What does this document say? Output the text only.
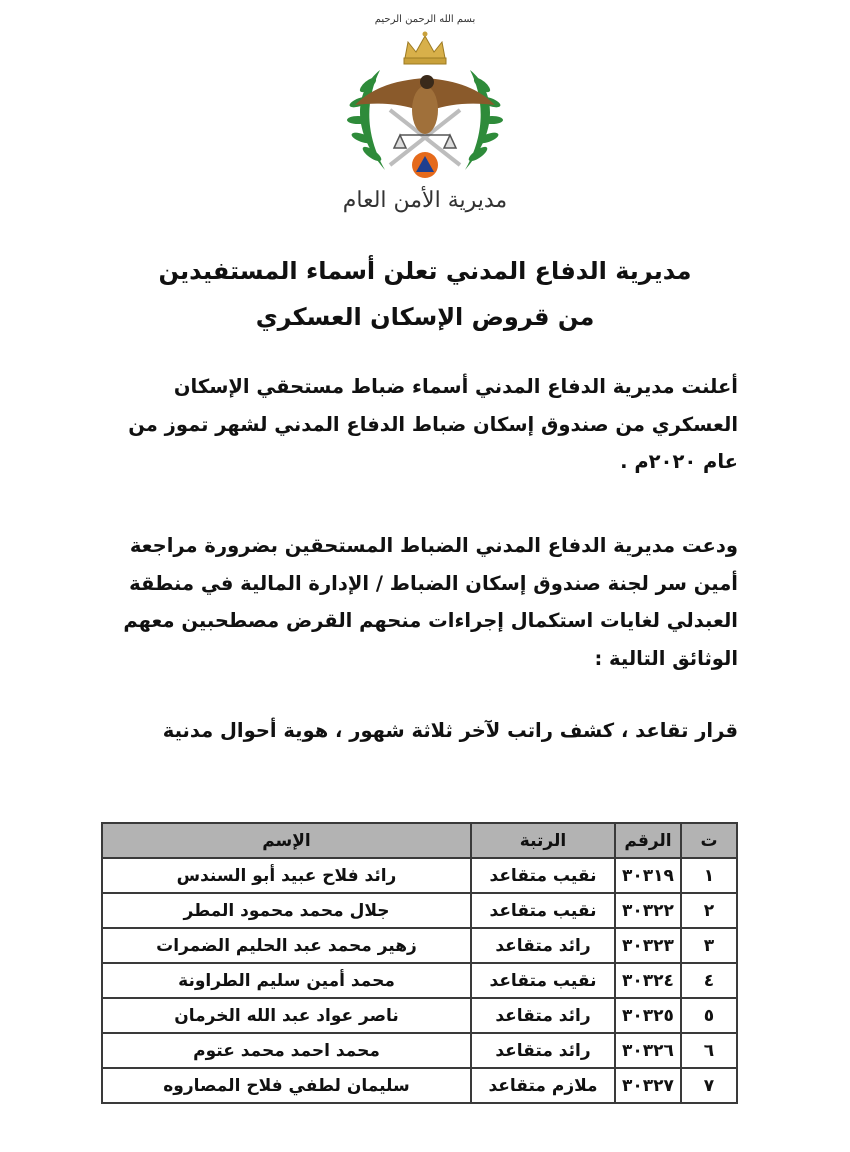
بسم الله الرحمن الرحيم
مديرية الأمن العام
مديرية الدفاع المدني تعلن أسماء المستفيدين
من قروض الإسكان العسكري
أعلنت مديرية الدفاع المدني أسماء ضباط مستحقي الإسكان العسكري من صندوق إسكان ضباط الدفاع المدني لشهر تموز من عام ٢٠٢٠م .
ودعت مديرية الدفاع المدني الضباط المستحقين بضرورة مراجعة أمين سر لجنة صندوق إسكان الضباط / الإدارة المالية في منطقة العبدلي لغايات استكمال إجراءات منحهم القرض مصطحبين معهم الوثائق التالية :
قرار تقاعد ، كشف راتب لآخر ثلاثة شهور ، هوية أحوال مدنية
ت	الرقم	الرتبة	الإسم
١	٣٠٣١٩	نقيب متقاعد	رائد فلاح عبيد أبو السندس
٢	٣٠٣٢٢	نقيب متقاعد	جلال محمد محمود المطر
٣	٣٠٣٢٣	رائد متقاعد	زهير محمد عبد الحليم الضمرات
٤	٣٠٣٢٤	نقيب متقاعد	محمد أمين سليم الطراونة
٥	٣٠٣٢٥	رائد متقاعد	ناصر عواد عبد الله الخرمان
٦	٣٠٣٢٦	رائد متقاعد	محمد احمد محمد عتوم
٧	٣٠٣٢٧	ملازم متقاعد	سليمان لطفي فلاح المصاروه
